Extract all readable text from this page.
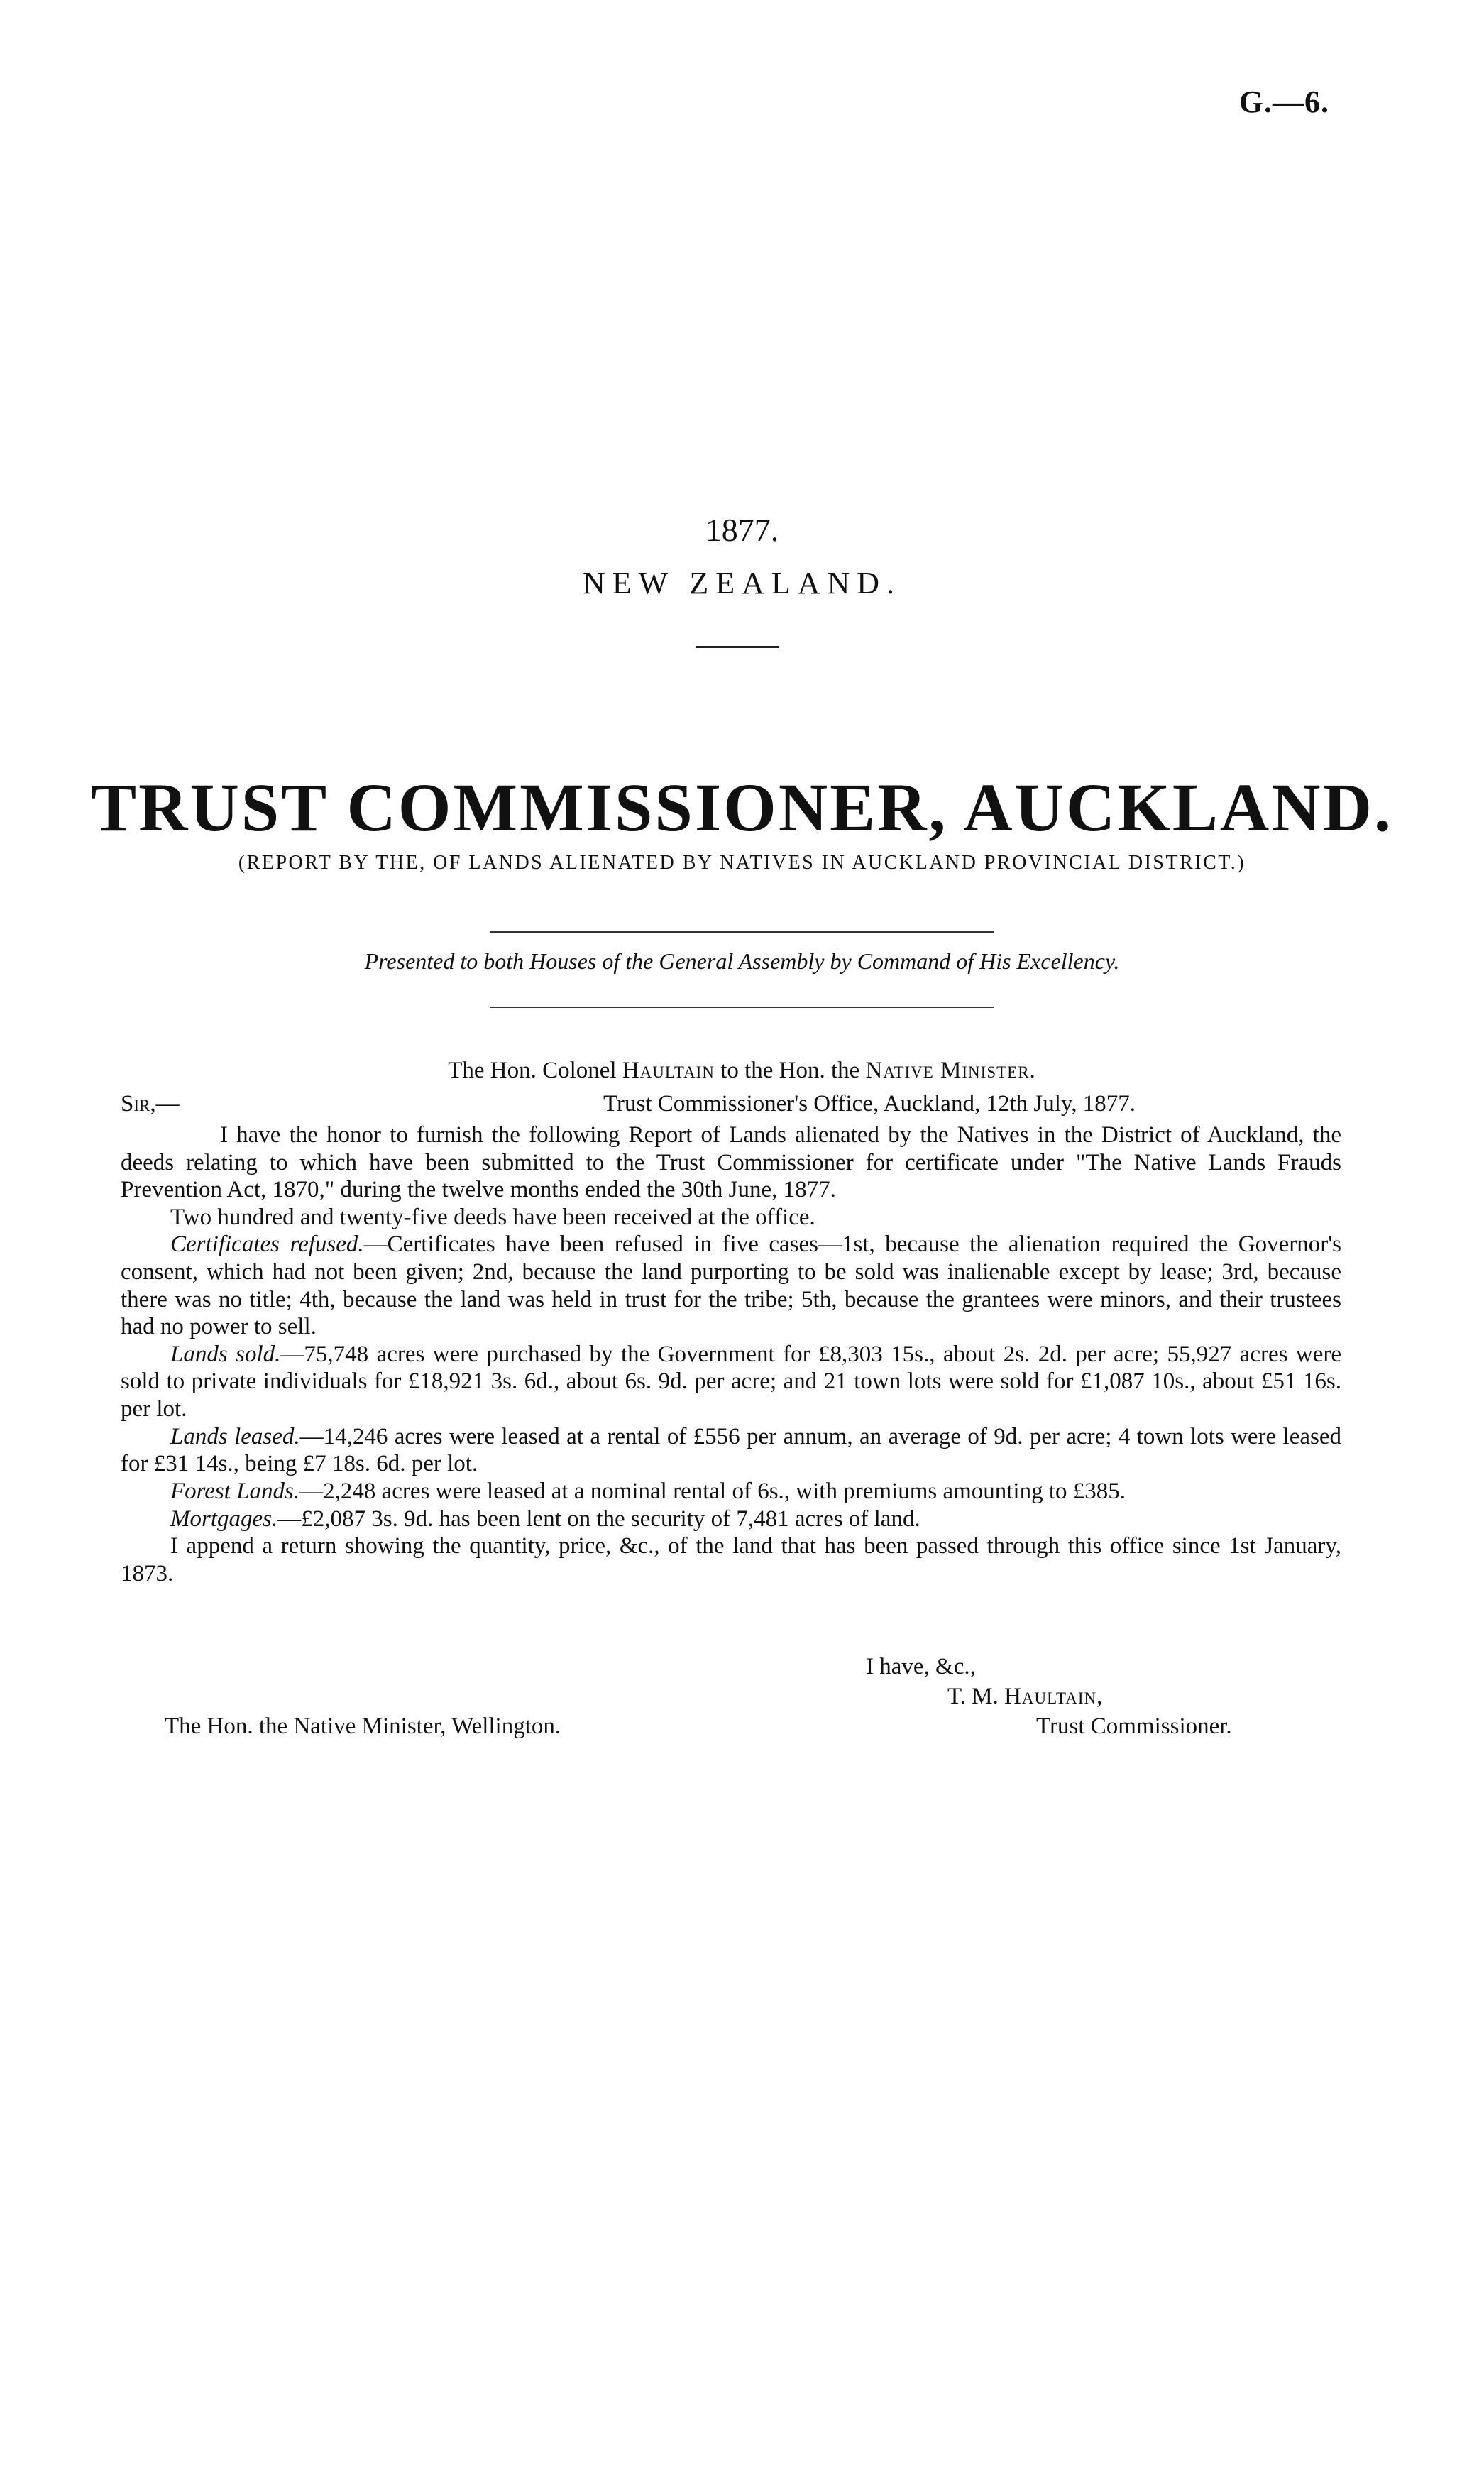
G.—6.
1877.
NEW ZEALAND.
TRUST COMMISSIONER, AUCKLAND.
(REPORT BY THE, OF LANDS ALIENATED BY NATIVES IN AUCKLAND PROVINCIAL DISTRICT.)
Presented to both Houses of the General Assembly by Command of His Excellency.
The Hon. Colonel Haultain to the Hon. the Native Minister.
Sir,—	Trust Commissioner's Office, Auckland, 12th July, 1877.

I have the honor to furnish the following Report of Lands alienated by the Natives in the District of Auckland, the deeds relating to which have been submitted to the Trust Commissioner for certificate under "The Native Lands Frauds Prevention Act, 1870," during the twelve months ended the 30th June, 1877.

Two hundred and twenty-five deeds have been received at the office.

Certificates refused.—Certificates have been refused in five cases—1st, because the alienation required the Governor's consent, which had not been given; 2nd, because the land purporting to be sold was inalienable except by lease; 3rd, because there was no title; 4th, because the land was held in trust for the tribe; 5th, because the grantees were minors, and their trustees had no power to sell.

Lands sold.—75,748 acres were purchased by the Government for £8,303 15s., about 2s. 2d. per acre; 55,927 acres were sold to private individuals for £18,921 3s. 6d., about 6s. 9d. per acre; and 21 town lots were sold for £1,087 10s., about £51 16s. per lot.

Lands leased.—14,246 acres were leased at a rental of £556 per annum, an average of 9d. per acre; 4 town lots were leased for £31 14s., being £7 18s. 6d. per lot.

Forest Lands.—2,248 acres were leased at a nominal rental of 6s., with premiums amounting to £385.

Mortgages.—£2,087 3s. 9d. has been lent on the security of 7,481 acres of land.

I append a return showing the quantity, price, &c., of the land that has been passed through this office since 1st January, 1873.

I have, &c.,
T. M. Haultain,
The Hon. the Native Minister, Wellington.	Trust Commissioner.
